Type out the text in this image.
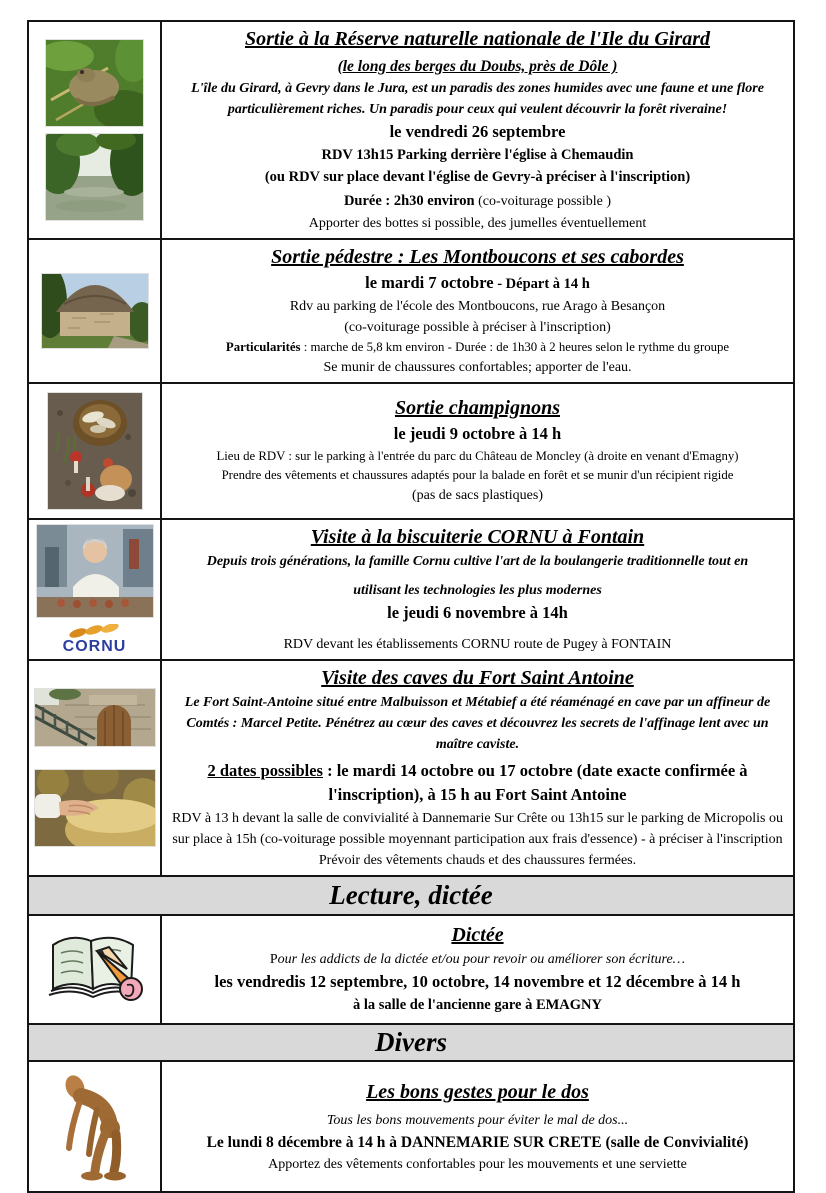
Sortie à la Réserve naturelle nationale de l'Ile du Girard
(le long des berges du Doubs, près de Dôle )
L'île du Girard, à Gevry dans le Jura, est un paradis des zones humides avec une faune et une flore particulièrement riches. Un paradis pour ceux qui veulent découvrir la forêt riveraine!
le vendredi 26 septembre
RDV 13h15 Parking derrière l'église à Chemaudin
(ou RDV sur place devant l'église de Gevry-à préciser à l'inscription)
Durée : 2h30 environ (co-voiturage possible )
Apporter des bottes si possible, des jumelles éventuellement
Sortie pédestre : Les Montboucons et ses cabordes
le mardi 7 octobre - Départ à 14 h
Rdv au parking de l'école des Montboucons, rue Arago à Besançon
(co-voiturage possible à préciser à l'inscription)
Particularités : marche de 5,8 km environ - Durée : de 1h30 à 2 heures selon le rythme du groupe
Se munir de chaussures confortables; apporter de l'eau.
Sortie champignons
le jeudi 9 octobre à 14 h
Lieu de RDV : sur le parking à l'entrée du parc du Château de Moncley (à droite en venant d'Emagny)
Prendre des vêtements et chaussures adaptés pour la balade en forêt et se munir d'un récipient rigide
(pas de sacs plastiques)
CORNU
Visite à la biscuiterie CORNU à Fontain
Depuis trois générations, la famille Cornu cultive l'art de la boulangerie traditionnelle tout en
utilisant les technologies les plus modernes
le jeudi 6 novembre à 14h
RDV devant les établissements CORNU route de Pugey à FONTAIN
Visite des caves du Fort Saint Antoine
Le Fort Saint-Antoine situé entre Malbuisson et Métabief a été réaménagé en cave par un affineur de Comtés : Marcel Petite. Pénétrez au cœur des caves et découvrez les secrets de l'affinage lent avec un maître caviste.
2 dates possibles : le mardi 14 octobre ou 17 octobre (date exacte confirmée à l'inscription), à 15 h au Fort Saint Antoine
RDV à 13 h devant la salle de convivialité à Dannemarie Sur Crête ou 13h15 sur le parking de Micropolis ou sur place à 15h (co-voiturage possible moyennant participation aux frais d'essence) - à préciser à l'inscription
Prévoir des vêtements chauds et des chaussures fermées.
Lecture, dictée
Dictée
Pour les addicts de la dictée et/ou pour revoir ou améliorer son écriture…
les vendredis 12 septembre, 10 octobre, 14 novembre et 12 décembre à 14 h
à la salle de l'ancienne gare à EMAGNY
Divers
Les bons gestes pour le dos
Tous les bons mouvements pour éviter le mal de dos...
Le lundi 8 décembre à 14 h à DANNEMARIE SUR CRETE (salle de Convivialité)
Apportez des vêtements confortables pour les mouvements et une serviette
